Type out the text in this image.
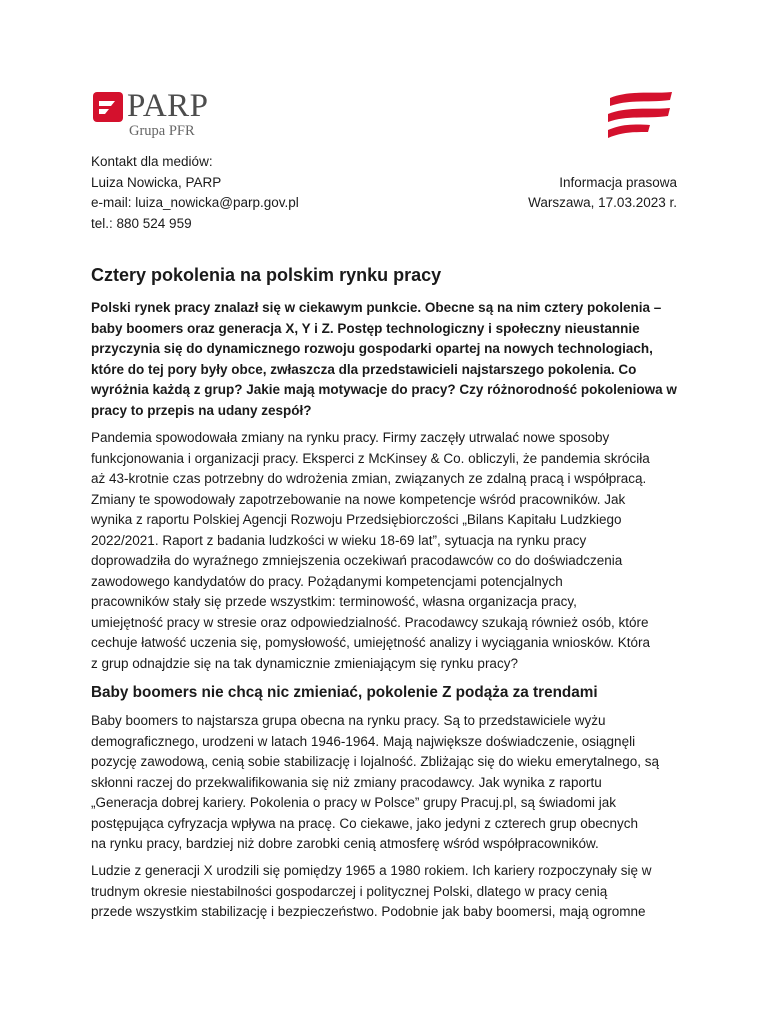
PARP
Grupa PFR
Kontakt dla mediów:
Luiza Nowicka, PARP	Informacja prasowa
e-mail: luiza_nowicka@parp.gov.pl	Warszawa, 17.03.2023 r.
tel.: 880 524 959
Cztery pokolenia na polskim rynku pracy
Polski rynek pracy znalazł się w ciekawym punkcie. Obecne są na nim cztery pokolenia –
baby boomers oraz generacja X, Y i Z. Postęp technologiczny i społeczny nieustannie
przyczynia się do dynamicznego rozwoju gospodarki opartej na nowych technologiach,
które do tej pory były obce, zwłaszcza dla przedstawicieli najstarszego pokolenia. Co
wyróżnia każdą z grup? Jakie mają motywacje do pracy? Czy różnorodność pokoleniowa w
pracy to przepis na udany zespół?
Pandemia spowodowała zmiany na rynku pracy. Firmy zaczęły utrwalać nowe sposoby
funkcjonowania i organizacji pracy. Eksperci z McKinsey & Co. obliczyli, że pandemia skróciła
aż 43-krotnie czas potrzebny do wdrożenia zmian, związanych ze zdalną pracą i współpracą.
Zmiany te spowodowały zapotrzebowanie na nowe kompetencje wśród pracowników. Jak
wynika z raportu Polskiej Agencji Rozwoju Przedsiębiorczości „Bilans Kapitału Ludzkiego
2022/2021. Raport z badania ludzkości w wieku 18-69 lat”, sytuacja na rynku pracy
doprowadziła do wyraźnego zmniejszenia oczekiwań pracodawców co do doświadczenia
zawodowego kandydatów do pracy. Pożądanymi kompetencjami potencjalnych
pracowników stały się przede wszystkim: terminowość, własna organizacja pracy,
umiejętność pracy w stresie oraz odpowiedzialność. Pracodawcy szukają również osób, które
cechuje łatwość uczenia się, pomysłowość, umiejętność analizy i wyciągania wniosków. Która
z grup odnajdzie się na tak dynamicznie zmieniającym się rynku pracy?
Baby boomers nie chcą nic zmieniać, pokolenie Z podąża za trendami
Baby boomers to najstarsza grupa obecna na rynku pracy. Są to przedstawiciele wyżu
demograficznego, urodzeni w latach 1946-1964. Mają największe doświadczenie, osiągnęli
pozycję zawodową, cenią sobie stabilizację i lojalność. Zbliżając się do wieku emerytalnego, są
skłonni raczej do przekwalifikowania się niż zmiany pracodawcy. Jak wynika z raportu
„Generacja dobrej kariery. Pokolenia o pracy w Polsce” grupy Pracuj.pl, są świadomi jak
postępująca cyfryzacja wpływa na pracę. Co ciekawe, jako jedyni z czterech grup obecnych
na rynku pracy, bardziej niż dobre zarobki cenią atmosferę wśród współpracowników.
Ludzie z generacji X urodzili się pomiędzy 1965 a 1980 rokiem. Ich kariery rozpoczynały się w
trudnym okresie niestabilności gospodarczej i politycznej Polski, dlatego w pracy cenią
przede wszystkim stabilizację i bezpieczeństwo. Podobnie jak baby boomersi, mają ogromne
